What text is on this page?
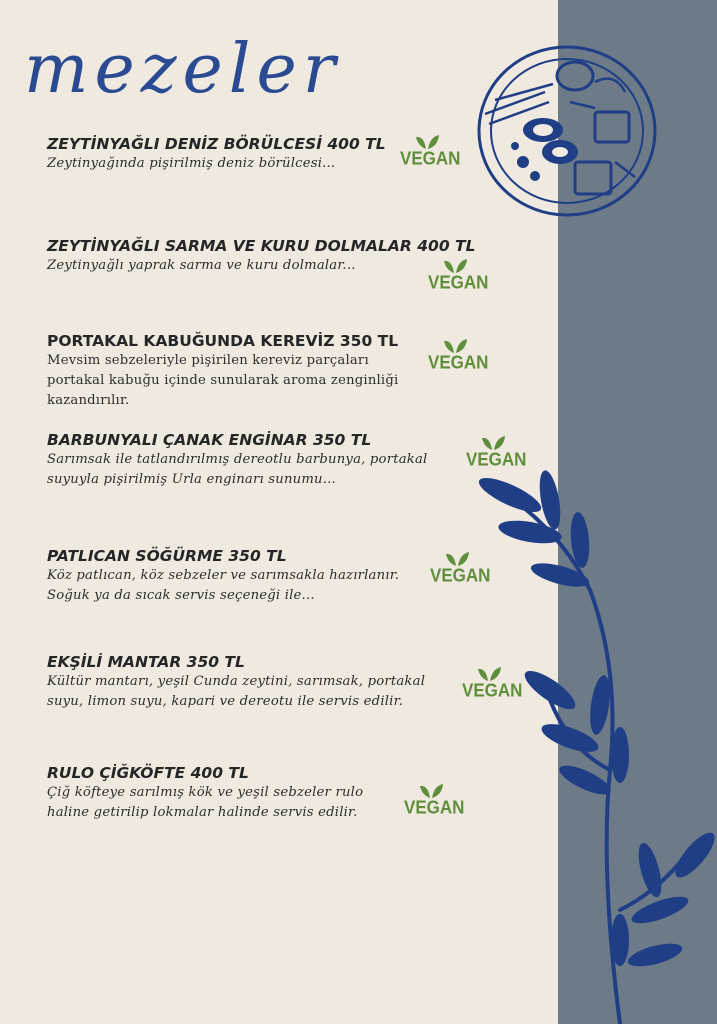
mezeler
ZEYTİNYAĞLI DENİZ BÖRÜLCESİ 400 TL
Zeytinyağında pişirilmiş deniz börülcesi...	VEGAN
ZEYTİNYAĞLI SARMA VE KURU DOLMALAR 400 TL
Zeytinyağlı yaprak sarma ve kuru dolmalar...
VEGAN
PORTAKAL KABUĞUNDA KEREVİZ 350 TL
Mevsim sebzeleriyle pişirilen kereviz parçaları
portakal kabuğu içinde sunularak aroma zenginliği
kazandırılır.
VEGAN
BARBUNYALI ÇANAK ENGİNAR 350 TL
Sarımsak ile tatlandırılmış dereotlu barbunya, portakal
suyuyla pişirilmiş Urla enginarı sunumu...
VEGAN
PATLICAN SÖĞÜRME 350 TL
Köz patlıcan, köz sebzeler ve sarımsakla hazırlanır.
Soğuk ya da sıcak servis seçeneği ile...
VEGAN
EKŞİLİ MANTAR 350 TL
Kültür mantarı, yeşil Cunda zeytini, sarımsak, portakal
suyu, limon suyu, kapari ve dereotu ile servis edilir.
VEGAN
RULO ÇİĞKÖFTE 400 TL
Çiğ köfteye sarılmış kök ve yeşil sebzeler rulo
haline getirilip lokmalar halinde servis edilir.	VEGAN
